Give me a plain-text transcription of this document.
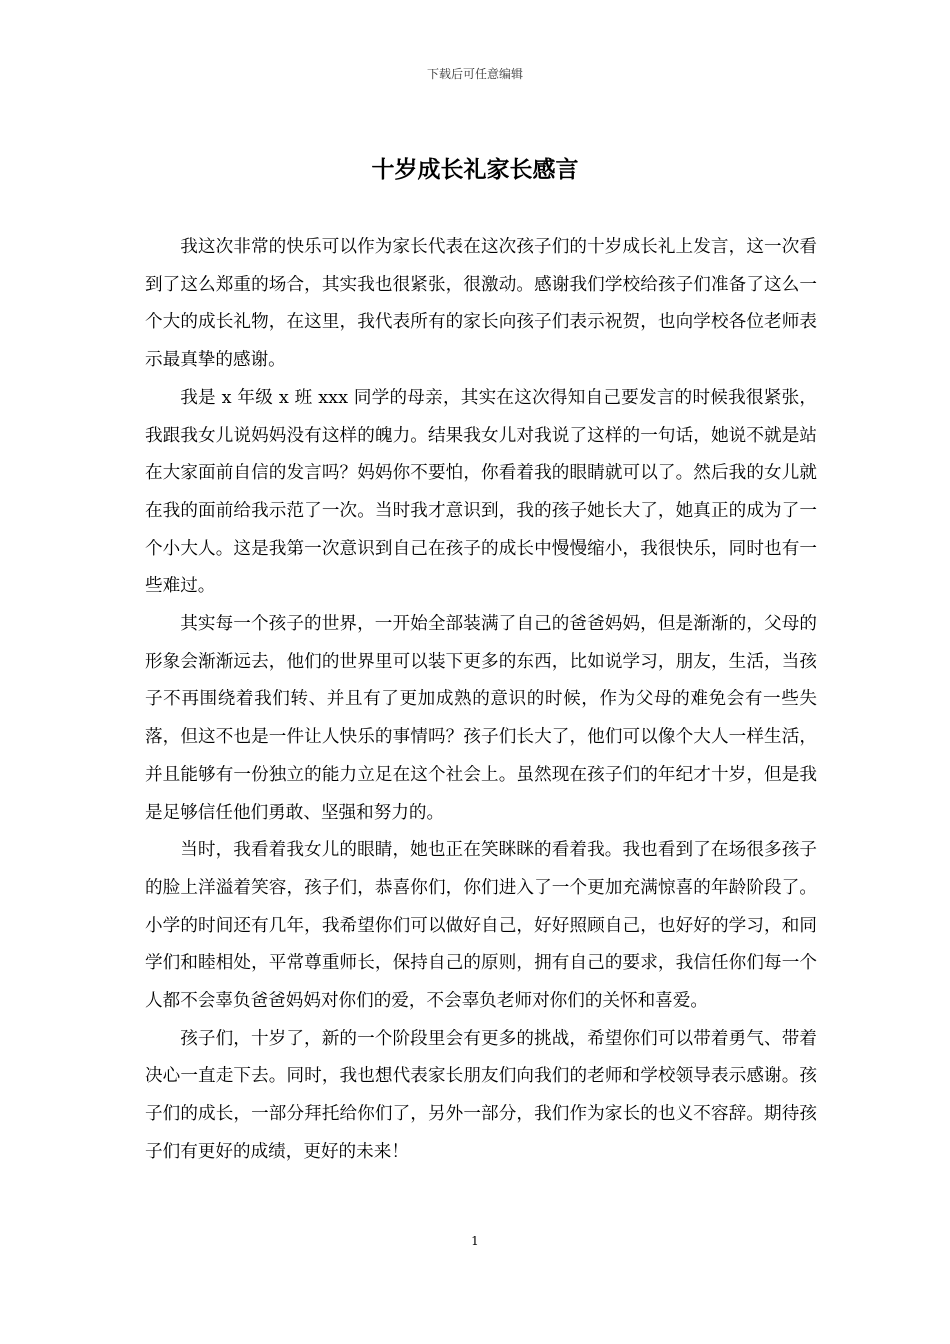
下载后可任意编辑
十岁成长礼家长感言

我这次非常的快乐可以作为家长代表在这次孩子们的十岁成长礼上发言，这一次看到了这么郑重的场合，其实我也很紧张，很激动。感谢我们学校给孩子们准备了这么一个大的成长礼物，在这里，我代表所有的家长向孩子们表示祝贺，也向学校各位老师表示最真挚的感谢。

我是 x 年级 x 班 xxx 同学的母亲，其实在这次得知自己要发言的时候我很紧张，我跟我女儿说妈妈没有这样的魄力。结果我女儿对我说了这样的一句话，她说不就是站在大家面前自信的发言吗？妈妈你不要怕，你看着我的眼睛就可以了。然后我的女儿就在我的面前给我示范了一次。当时我才意识到，我的孩子她长大了，她真正的成为了一个小大人。这是我第一次意识到自己在孩子的成长中慢慢缩小，我很快乐，同时也有一些难过。

其实每一个孩子的世界，一开始全部装满了自己的爸爸妈妈，但是渐渐的，父母的形象会渐渐远去，他们的世界里可以装下更多的东西，比如说学习，朋友，生活，当孩子不再围绕着我们转、并且有了更加成熟的意识的时候，作为父母的难免会有一些失落，但这不也是一件让人快乐的事情吗？孩子们长大了，他们可以像个大人一样生活，并且能够有一份独立的能力立足在这个社会上。虽然现在孩子们的年纪才十岁，但是我是足够信任他们勇敢、坚强和努力的。

当时，我看着我女儿的眼睛，她也正在笑眯眯的看着我。我也看到了在场很多孩子的脸上洋溢着笑容，孩子们，恭喜你们，你们进入了一个更加充满惊喜的年龄阶段了。小学的时间还有几年，我希望你们可以做好自己，好好照顾自己，也好好的学习，和同学们和睦相处，平常尊重师长，保持自己的原则，拥有自己的要求，我信任你们每一个人都不会辜负爸爸妈妈对你们的爱，不会辜负老师对你们的关怀和喜爱。

孩子们，十岁了，新的一个阶段里会有更多的挑战，希望你们可以带着勇气、带着决心一直走下去。同时，我也想代表家长朋友们向我们的老师和学校领导表示感谢。孩子们的成长，一部分拜托给你们了，另外一部分，我们作为家长的也义不容辞。期待孩子们有更好的成绩，更好的未来！

1
